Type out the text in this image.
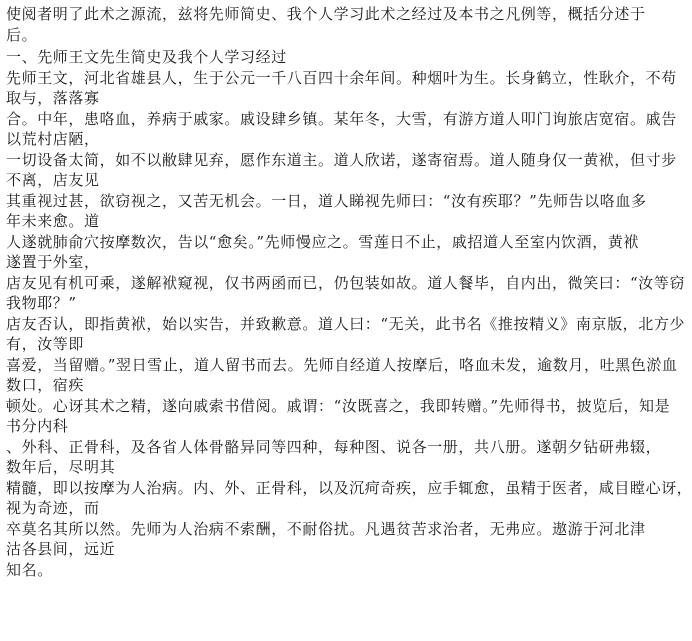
使阅者明了此术之源流，兹将先师简史、我个人学习此术之经过及本书之凡例等，概括分述于
后。
一、先师王文先生简史及我个人学习经过
先师王文，河北省雄县人，生于公元一千八百四十余年间。种烟叶为生。长身鹤立，性耿介，不苟
取与，落落寡
合。中年，患咯血，养病于戚家。戚设肆乡镇。某年冬，大雪，有游方道人叩门询旅店宽宿。戚告
以荒村店陋，
一切设备太简，如不以敝肆见弃，愿作东道主。道人欣诺，遂寄宿焉。道人随身仅一黄袱，但寸步
不离，店友见
其重视过甚，欲窃视之，又苦无机会。一日，道人睇视先师曰：“汝有疾耶？”先师告以咯血多
年未来愈。道
人遂就肺俞穴按摩数次，告以“愈矣。”先师慢应之。雪莲日不止，戚招道人至室内饮酒，黄袱
遂置于外室，
店友见有机可乘，遂解袱窥视，仅书两函而已，仍包装如故。道人餐毕，自内出，微笑曰：“汝等窃
我物耶？”
店友否认，即指黄袱，始以实告，并致歉意。道人曰：“无关，此书名《推按精义》南京版，北方少
有，汝等即
喜爱，当留赠。”翌日雪止，道人留书而去。先师自经道人按摩后，咯血未发，逾数月，吐黑色淤血
数口，宿疾
顿处。心讶其术之精，遂向戚索书借阅。戚谓：“汝既喜之，我即转赠。”先师得书，披览后，知是
书分内科
、外科、正骨科，及各省人体骨骼异同等四种，每种图、说各一册，共八册。遂朝夕钻研弗辍，
数年后，尽明其
精髓，即以按摩为人治病。内、外、正骨科，以及沉疴奇疾，应手辄愈，虽精于医者，咸目瞠心讶，
视为奇迹，而
卒莫名其所以然。先师为人治病不索酬，不耐俗扰。凡遇贫苦求治者，无弗应。遨游于河北津
沽各县间，远近
知名。
